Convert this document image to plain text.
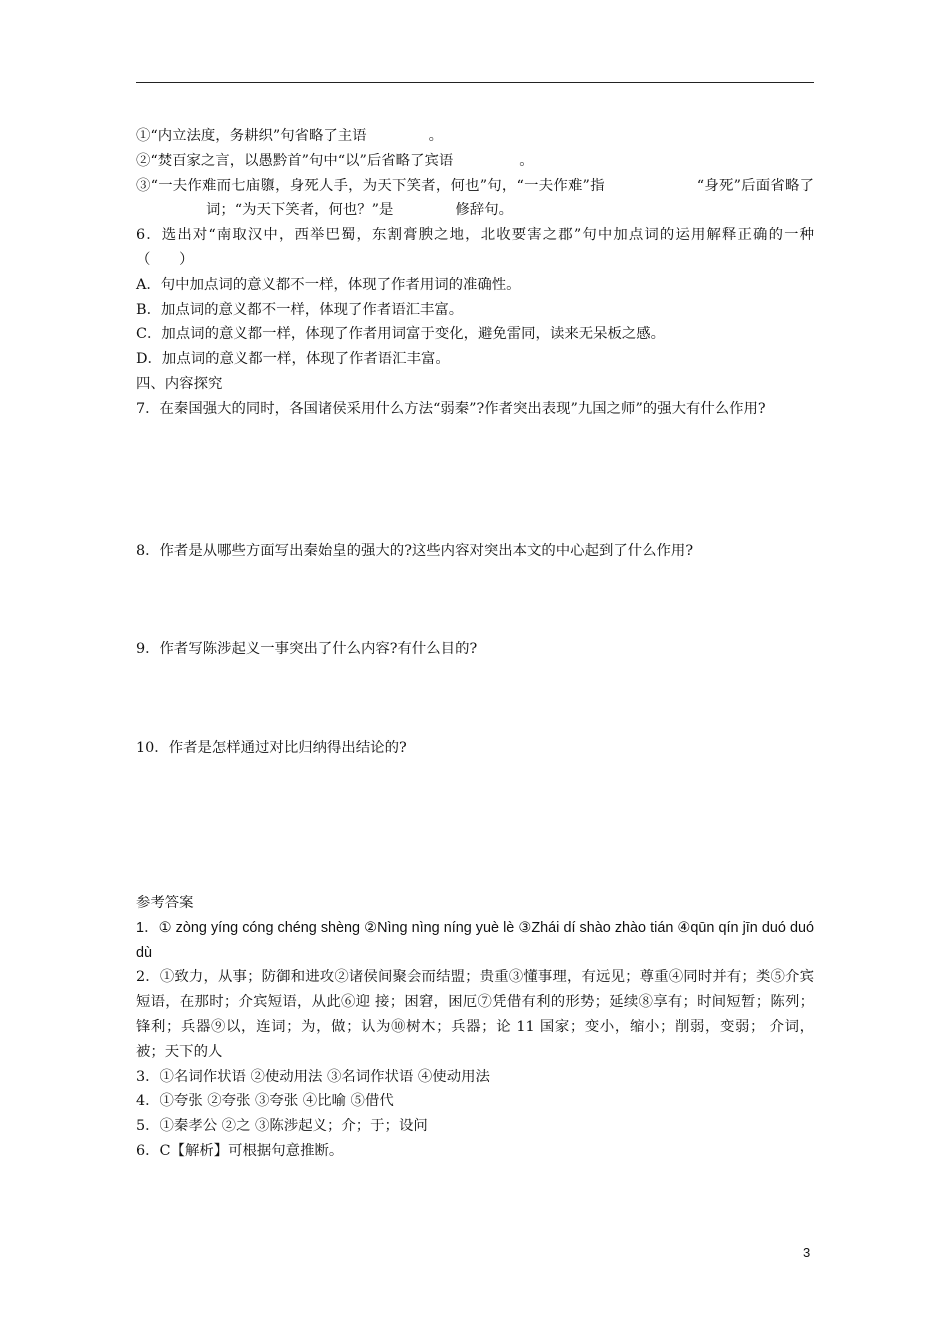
①“内立法度，务耕织”句省略了主语	。

②“焚百家之言，以愚黔首”句中“以”后省略了宾语	。

③“一夫作难而七庙隳，身死人手，为天下笑者，何也”句，“一夫作难”指	“身死”后面省略了词；“为天下笑者，何也？”是	修辞句。

6．选出对“南取汉中，西举巴蜀，东割膏腴之地，北收要害之郡”句中加点词的运用解释正确的一种（　　）

A．句中加点词的意义都不一样，体现了作者用词的准确性。

B．加点词的意义都不一样，体现了作者语汇丰富。

C．加点词的意义都一样，体现了作者用词富于变化，避免雷同，读来无呆板之感。

D．加点词的意义都一样，体现了作者语汇丰富。

四、内容探究

7．在秦国强大的同时，各国诸侯采用什么方法“弱秦”?作者突出表现”九国之师”的强大有什么作用?

8．作者是从哪些方面写出秦始皇的强大的?这些内容对突出本文的中心起到了什么作用?

9．作者写陈涉起义一事突出了什么内容?有什么目的?

10．作者是怎样通过对比归纳得出结论的?

参考答案

1．① zòng yíng cóng chéng shèng ②Nìng nìng níng yuè lè ③Zhái dí shào zhào tián ④qūn qín jīn duó duó dù

2．①致力，从事；防御和进攻②诸侯间聚会而结盟；贵重③懂事理，有远见；尊重④同时并有；类⑤介宾短语，在那时；介宾短语，从此⑥迎 接；困窘，困厄⑦凭借有利的形势；延续⑧享有；时间短暂；陈列；锋利；兵器⑨以，连词；为，做；认为⑩树木；兵器；论 11 国家；变小，缩小；削弱，变弱； 介词，被；天下的人

3．①名词作状语 ②使动用法 ③名词作状语 ④使动用法

4．①夸张 ②夸张 ③夸张 ④比喻 ⑤借代

5．①秦孝公 ②之 ③陈涉起义；介；于；设问

6．C【解析】可根据句意推断。

3
